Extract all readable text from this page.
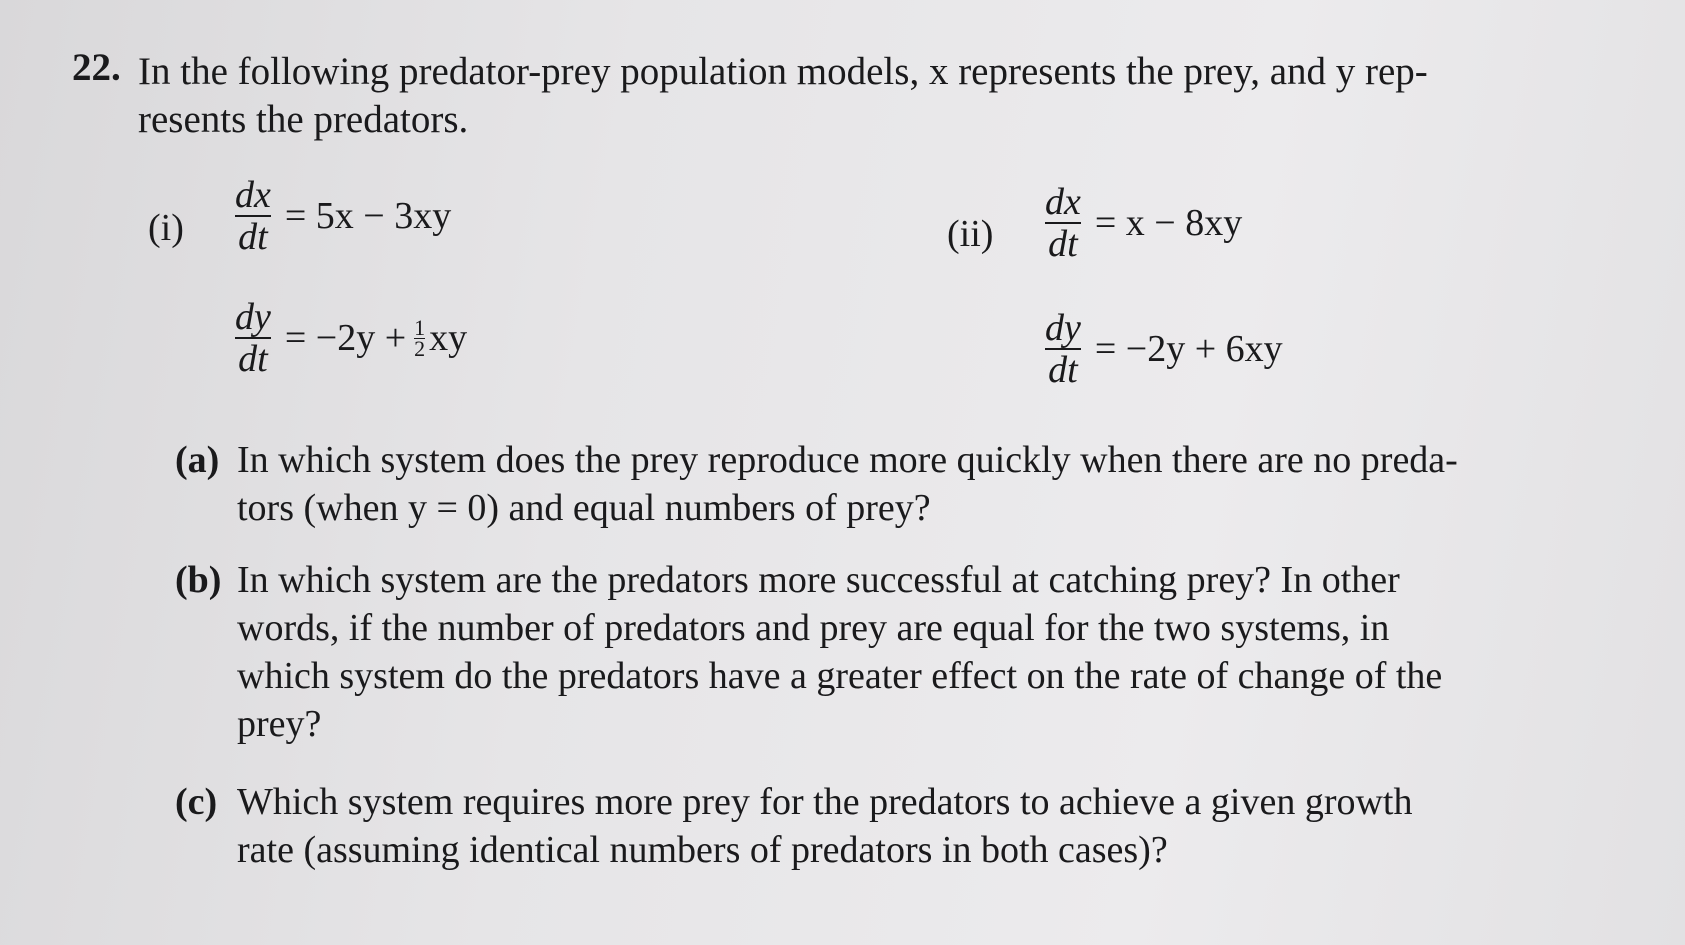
22. In the following predator-prey population models, x represents the prey, and y rep-
resents the predators.
$(i) \frac{dx}{dt} = 5x - 3xy$
$\frac{dy}{dt} = -2y + 1$
2 xy
$(ii) \frac{dx}{dt} = x - 8xy$
$\frac{dy}{dt} = -2y + 6xy$
(a) In which system does the prey reproduce more quickly when there are no preda-
tors (when y = 0) and equal numbers of prey?
(b) In which system are the predators more successful at catching prey? In other
words, if the number of predators and prey are equal for the two systems, in
which system do the predators have a greater effect on the rate of change of the
prey?
(c) Which system requires more prey for the predators to achieve a given growth
rate (assuming identical numbers of predators in both cases)?
